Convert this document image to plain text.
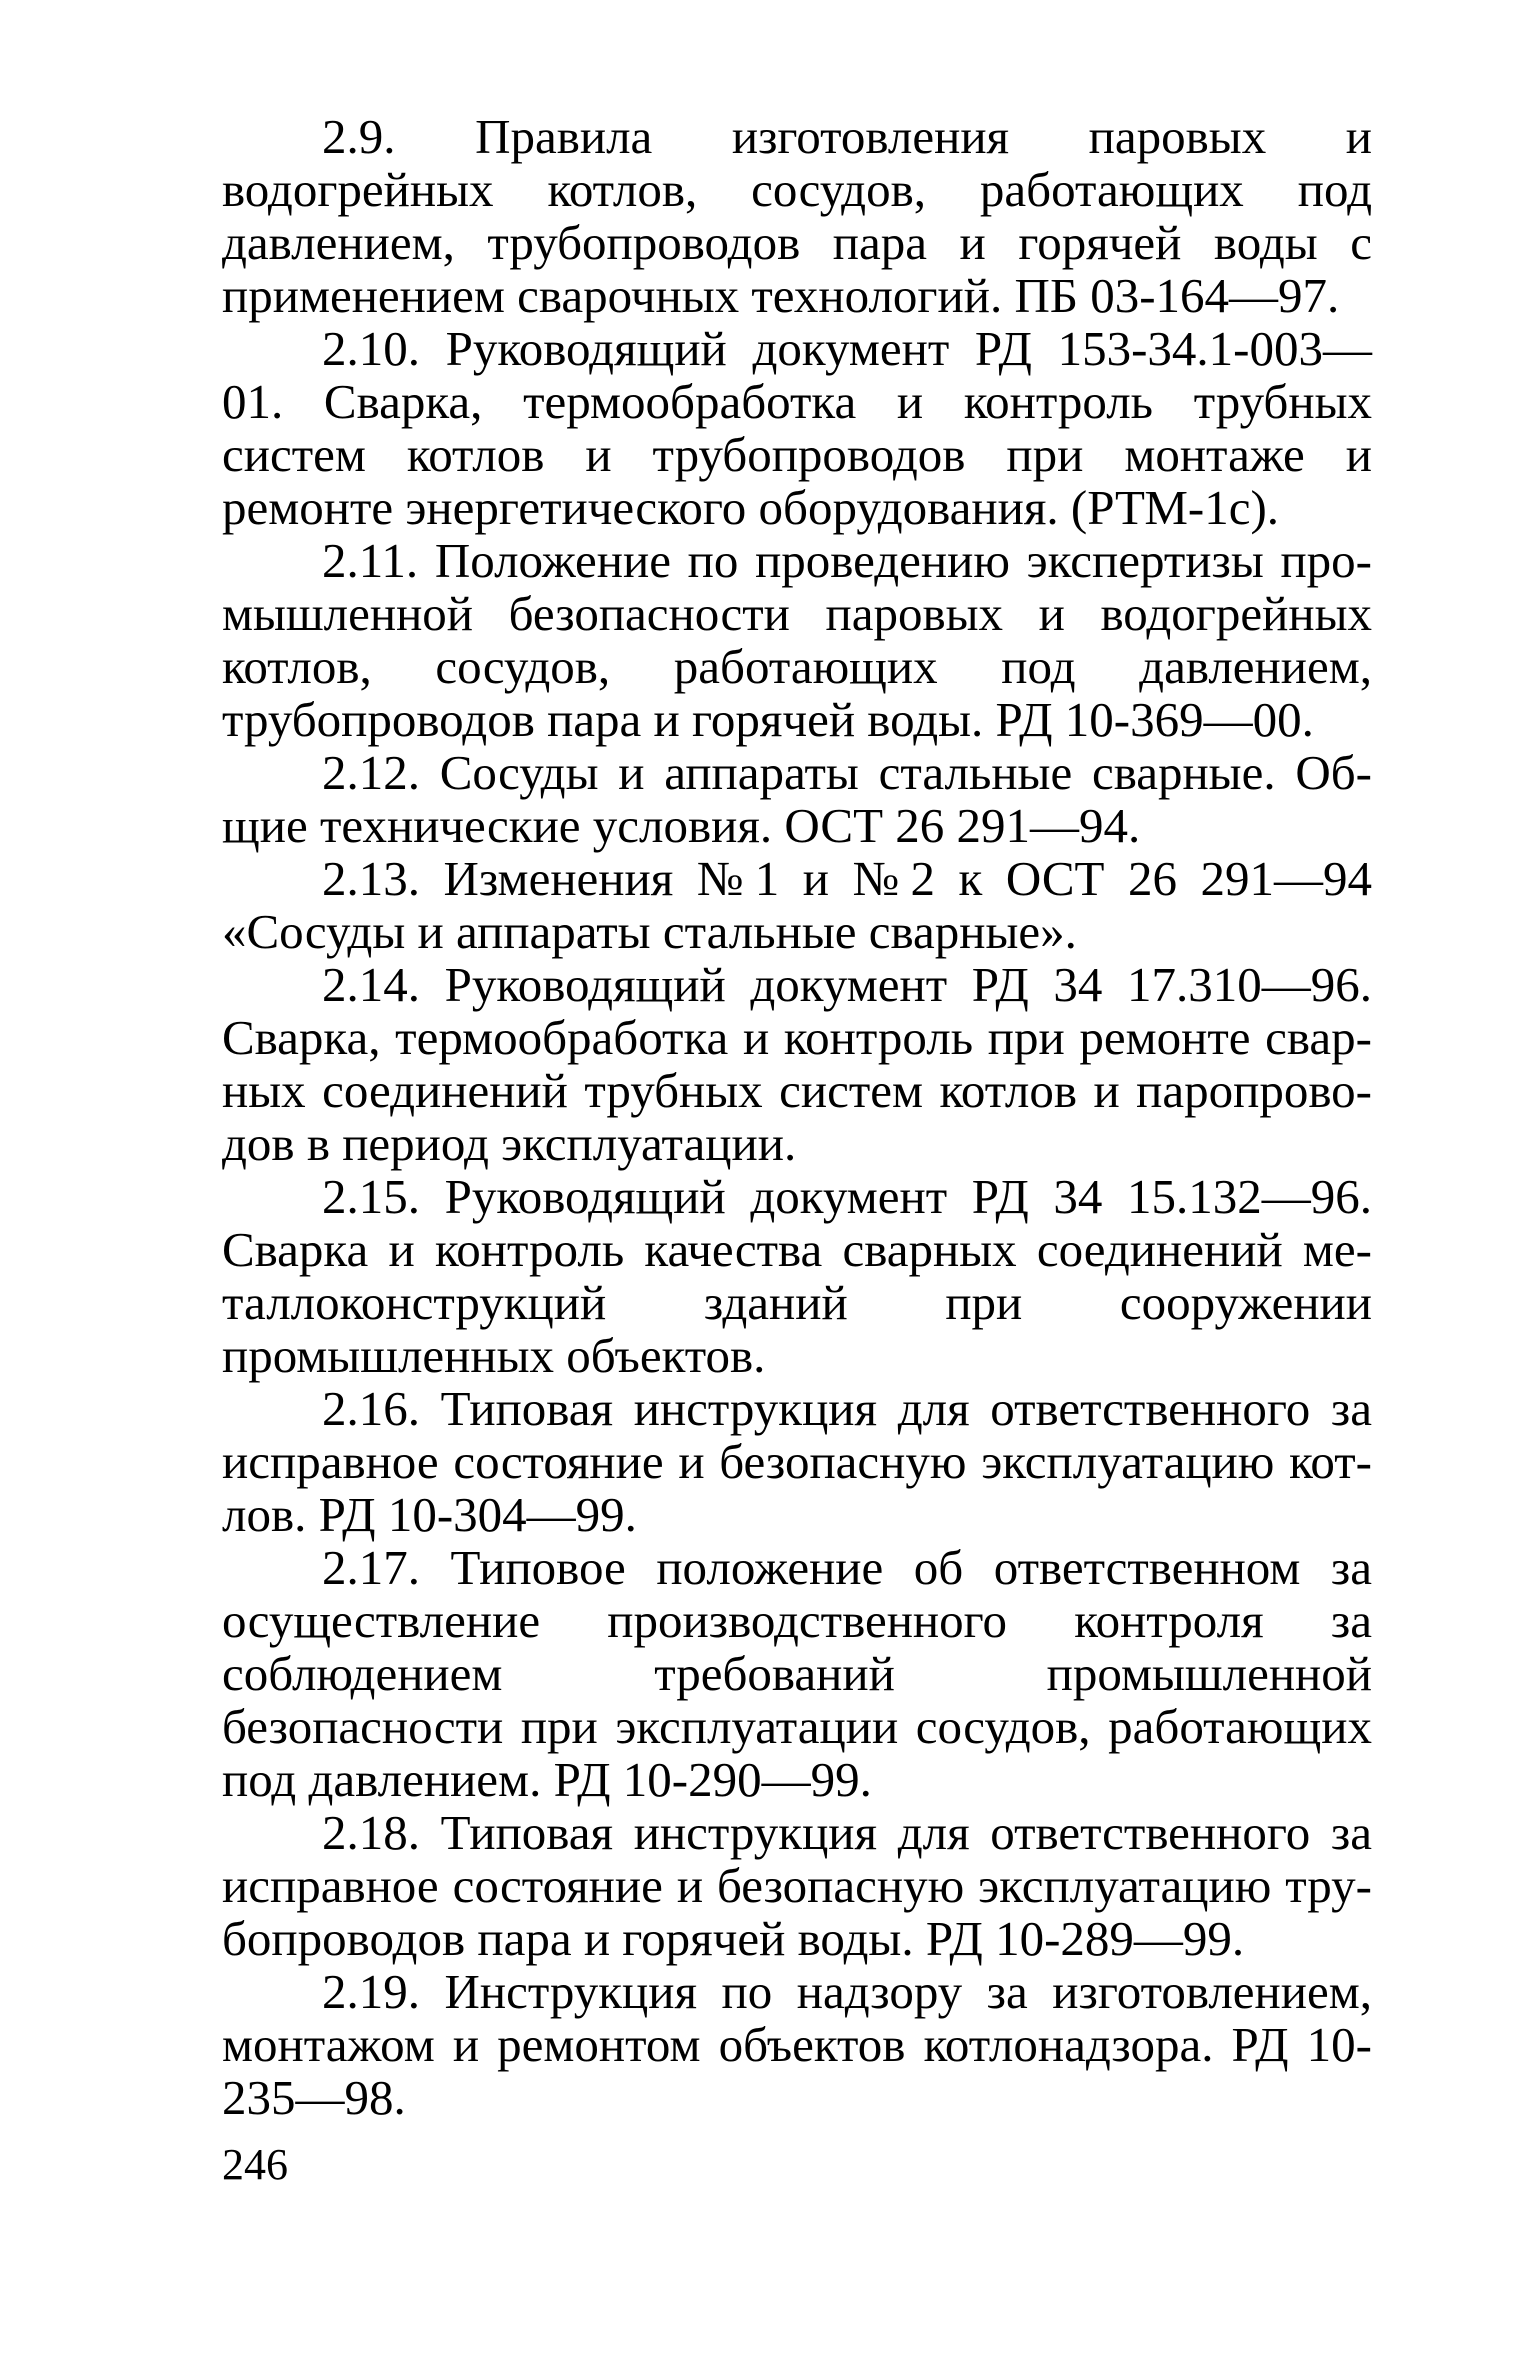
2.9. Правила изготовления паровых и водогрейных котлов, сосудов, работающих под давлением, трубопроводов пара и горячей воды с применением сварочных технологий. ПБ 03-164—97.

2.10. Руководящий документ РД 153-34.1-003—01. Сварка, термообработка и контроль трубных систем котлов и трубопроводов при монтаже и ремонте энергетического оборудования. (РТМ-1с).

2.11. Положение по проведению экспертизы промышленной безопасности паровых и водогрейных котлов, сосудов, работающих под давлением, трубопроводов пара и горячей воды. РД 10-369—00.

2.12. Сосуды и аппараты стальные сварные. Общие технические условия. ОСТ 26 291—94.

2.13. Изменения №1 и №2 к ОСТ 26 291—94 «Сосуды и аппараты стальные сварные».

2.14. Руководящий документ РД 34 17.310—96. Сварка, термообработка и контроль при ремонте сварных соединений трубных систем котлов и паропроводов в период эксплуатации.

2.15. Руководящий документ РД 34 15.132—96. Сварка и контроль качества сварных соединений металлоконструкций зданий при сооружении промышленных объектов.

2.16. Типовая инструкция для ответственного за исправное состояние и безопасную эксплуатацию котлов. РД 10-304—99.

2.17. Типовое положение об ответственном за осуществление производственного контроля за соблюдением требований промышленной безопасности при эксплуатации сосудов, работающих под давлением. РД 10-290—99.

2.18. Типовая инструкция для ответственного за исправное состояние и безопасную эксплуатацию трубопроводов пара и горячей воды. РД 10-289—99.

2.19. Инструкция по надзору за изготовлением, монтажом и ремонтом объектов котлонадзора. РД 10-235—98.

246
